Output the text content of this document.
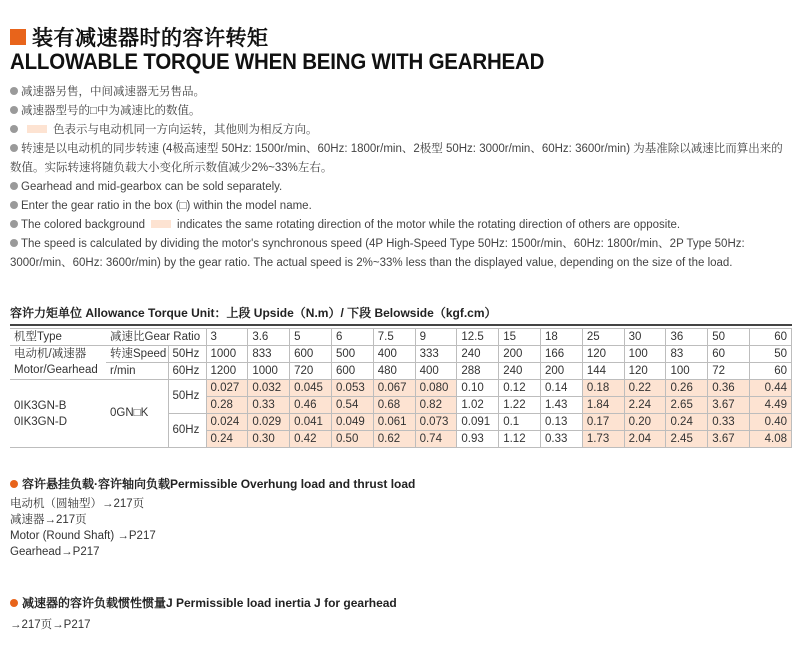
装有减速器时的容许转矩
ALLOWABLE TORQUE WHEN BEING WITH GEARHEAD
减速器另售，中间减速器无另售品。
减速器型号的□中为减速比的数值。
色表示与电动机同一方向运转，其他则为相反方向。
转速是以电动机的同步转速 (4极高速型 50Hz: 1500r/min、60Hz: 1800r/min、2极型 50Hz: 3000r/min、60Hz: 3600r/min) 为基准除以减速比而算出来的数值。实际转速将随负载大小变化所示数值减少2%~33%左右。
Gearhead and mid-gearbox can be sold separately.
Enter the gear ratio in the box (□) within the model name.
The colored background	indicates the same rotating direction of the motor while the rotating direction of others are opposite.
The speed is calculated by dividing the motor's synchronous speed (4P High-Speed Type 50Hz: 1500r/min、60Hz: 1800r/min、2P Type 50Hz: 3000r/min、60Hz: 3600r/min) by the gear ratio. The actual speed is 2%~33% less than the displayed value, depending on the size of the load.
容许力矩单位 Allowance Torque Unit：上段 Upside（N.m）/ 下段 Belowside（kgf.cm）
机型Type	减速比Gear Ratio		3	3.6	5	6	7.5	9	12.5	15	18	25	30	36	50	60

电动机/减速器
Motor/Gearhead	转速Speed	50Hz	1000	833	600	500	400	333	240	200	166	120	100	83	60	50
	r/min	60Hz	1200	1000	720	600	480	400	288	240	200	144	120	100	72	60

0IK3GN-B
0IK3GN-D	0GN□K	50Hz	0.027	0.032	0.045	0.053	0.067	0.080	0.10	0.12	0.14	0.18	0.22	0.26	0.36	0.44
			0.28	0.33	0.46	0.54	0.68	0.82	1.02	1.22	1.43	1.84	2.24	2.65	3.67	4.49
		60Hz	0.024	0.029	0.041	0.049	0.061	0.073	0.091	0.1	0.13	0.17	0.20	0.24	0.33	0.40
			0.24	0.30	0.42	0.50	0.62	0.74	0.93	1.12	0.33	1.73	2.04	2.45	3.67	4.08
容许悬挂负载·容许轴向负载Permissible Overhung load and thrust load
电动机（圆轴型）→217页
减速器→217页
Motor (Round Shaft) →P217
Gearhead→P217
减速器的容许负载惯性惯量J Permissible load inertia J for gearhead
→217页→P217
